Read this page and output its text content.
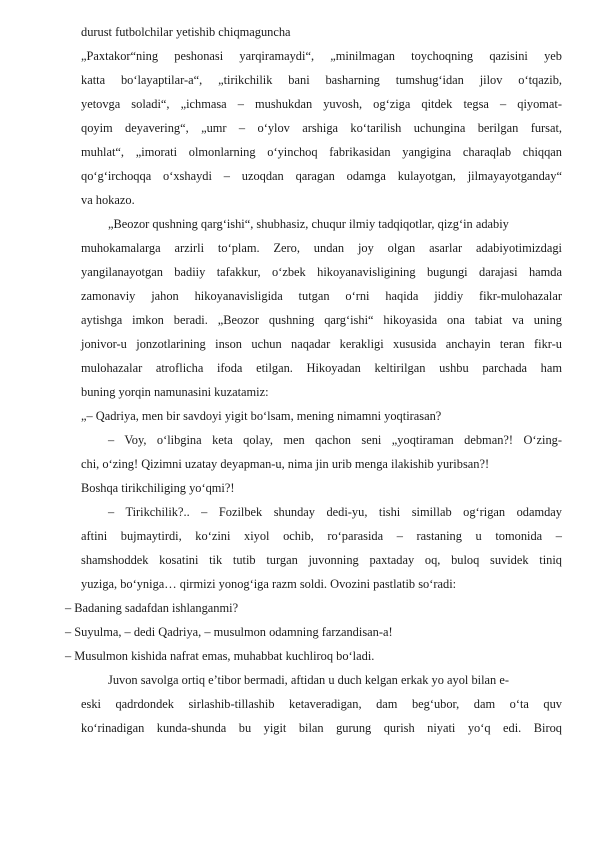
durust futbolchilar yetishib chiqmaguncha
„Paxtakor“ning peshonasi yarqiramaydi“, „minilmagan toychoqning qazisini yeb
katta bo‘layaptilar-a“, „tirikchilik bani basharning tumshug‘idan jilov o‘tqazib,
yetovga soladi“, „ichmasa – mushukdan yuvosh, og‘ziga qitdek tegsa – qiyomat-
qoyim deyavering“, „umr – o‘ylov arshiga ko‘tarilish uchungina berilgan fursat,
muhlat“, „imorati olmonlarning o‘yinchoq fabrikasidan yangigina charaqlab chiqqan
qo‘g‘irchoqqa o‘xshaydi – uzoqdan qaragan odamga kulayotgan, jilmayayotganday“
va hokazo.
„Beozor qushning qarg‘ishi“, shubhasiz, chuqur ilmiy tadqiqotlar, qizg‘in adabiy
muhokamalarga arzirli to‘plam. Zero, undan joy olgan asarlar adabiyotimizdagi
yangilanayotgan badiiy tafakkur, o‘zbek hikoyanavisligining bugungi darajasi hamda
zamonaviy jahon hikoyanavisligida tutgan o‘rni haqida jiddiy fikr-mulohazalar
aytishga imkon beradi. „Beozor qushning qarg‘ishi“ hikoyasida ona tabiat va uning
jonivor-u jonzotlarining inson uchun naqadar kerakligi xususida anchayin teran fikr-u
mulohazalar atroflicha ifoda etilgan. Hikoyadan keltirilgan ushbu parchada ham
buning yorqin namunasini kuzatamiz:
„– Qadriya, men bir savdoyi yigit bo‘lsam, mening nimamni yoqtirasan?
– Voy, o‘libgina keta qolay, men qachon seni „yoqtiraman debman?! O‘zing-
chi, o‘zing! Qizimni uzatay deyapman-u, nima jin urib menga ilakishib yuribsan?!
Boshqa tirikchiliging yo‘qmi?!
– Tirikchilik?.. – Fozilbek shunday dedi-yu, tishi simillab og‘rigan odamday
aftini bujmaytirdi, ko‘zini xiyol ochib, ro‘parasida – rastaning u tomonida –
shamshoddek kosatini tik tutib turgan juvonning paxtaday oq, buloq suvidek tiniq
yuziga, bo‘yniga… qirmizi yonog‘iga razm soldi. Ovozini pastlatib so‘radi:
– Badaning sadafdan ishlanganmi?
– Suyulma, – dedi Qadriya, – musulmon odamning farzandisan-a!
– Musulmon kishida nafrat emas, muhabbat kuchliroq bo‘ladi.
Juvon savolga ortiq e’tibor bermadi, aftidan u duch kelgan erkak yo ayol bilan e-
eski qadrdondek sirlashib-tillashib ketaveradigan, dam beg‘ubor, dam o‘ta quv
ko‘rinadigan kunda-shunda bu yigit bilan gurung qurish niyati yo‘q edi. Biroq
